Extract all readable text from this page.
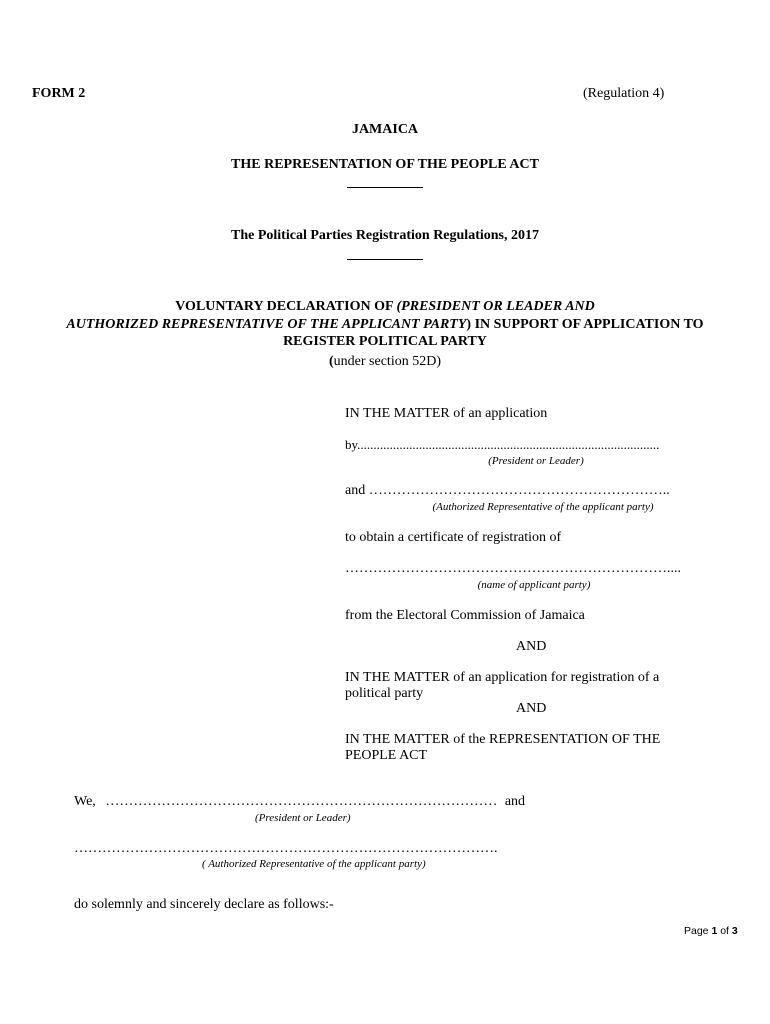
FORM 2	(Regulation 4)
JAMAICA
THE REPRESENTATION OF THE PEOPLE ACT
The Political Parties Registration Regulations, 2017
VOLUNTARY DECLARATION OF (PRESIDENT OR LEADER AND
AUTHORIZED REPRESENTATIVE OF THE APPLICANT PARTY) IN SUPPORT OF APPLICATION TO
REGISTER POLITICAL PARTY
(under section 52D)
IN THE MATTER of an application
by.............................................................................................
(President or Leader)
and ………………………………………………………..
(Authorized Representative of the applicant party)
to obtain a certificate of registration of
……………………………………………………………....
(name of applicant party)
from the Electoral Commission of Jamaica
AND
IN THE MATTER of an application for registration of a political party
AND
IN THE MATTER of the REPRESENTATION OF THE PEOPLE ACT
We, ………………………………………………………………………… and
(President or Leader)
……………………………………………………………………………….
( Authorized Representative of the applicant party)
do solemnly and sincerely declare as follows:-
Page 1 of 3
